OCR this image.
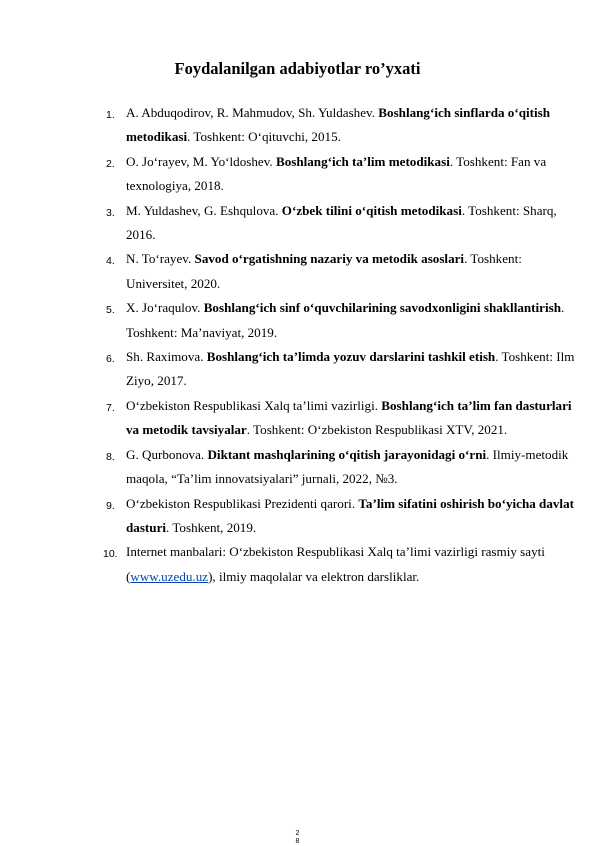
Foydalanilgan adabiyotlar ro’yxati
1. A. Abduqodirov, R. Mahmudov, Sh. Yuldashev. Boshlang‘ich sinflarda o‘qitish metodikasi. Toshkent: O‘qituvchi, 2015.
2. O. Jo‘rayev, M. Yo‘ldoshev. Boshlang‘ich ta’lim metodikasi. Toshkent: Fan va texnologiya, 2018.
3. M. Yuldashev, G. Eshqulova. O‘zbek tilini o‘qitish metodikasi. Toshkent: Sharq, 2016.
4. N. To‘rayev. Savod o‘rgatishning nazariy va metodik asoslari. Toshkent: Universitet, 2020.
5. X. Jo‘raqulov. Boshlang‘ich sinf o‘quvchilarining savodxonligini shakllantirish. Toshkent: Ma’naviyat, 2019.
6. Sh. Raximova. Boshlang‘ich ta’limda yozuv darslarini tashkil etish. Toshkent: Ilm Ziyo, 2017.
7. O‘zbekiston Respublikasi Xalq ta’limi vazirligi. Boshlang‘ich ta’lim fan dasturlari va metodik tavsiyalar. Toshkent: O‘zbekiston Respublikasi XTV, 2021.
8. G. Qurbonova. Diktant mashqlarining o‘qitish jarayonidagi o‘rni. Ilmiy-metodik maqola, “Ta’lim innovatsiyalari” jurnali, 2022, №3.
9. O‘zbekiston Respublikasi Prezidenti qarori. Ta’lim sifatini oshirish bo‘yicha davlat dasturi. Toshkent, 2019.
10. Internet manbalari: O‘zbekiston Respublikasi Xalq ta’limi vazirligi rasmiy sayti (www.uzedu.uz), ilmiy maqolalar va elektron darsliklar.
2
8
